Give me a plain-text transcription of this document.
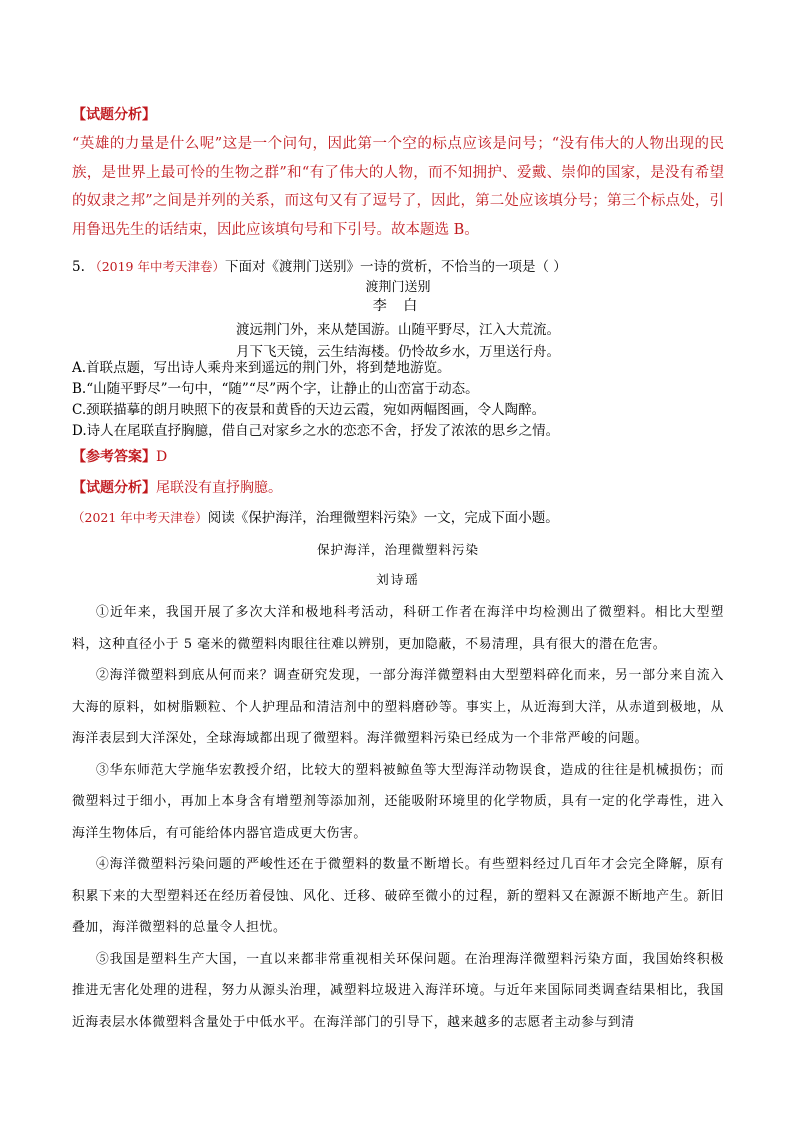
【试题分析】
“英雄的力量是什么呢”这是一个问句，因此第一个空的标点应该是问号；“没有伟大的人物出现的民族，是世界上最可怜的生物之群”和“有了伟大的人物，而不知拥护、爱戴、崇仰的国家，是没有希望的奴隶之邦”之间是并列的关系，而这句又有了逗号了，因此，第二处应该填分号；第三个标点处，引用鲁迅先生的话结束，因此应该填句号和下引号。故本题选 B。
5. （2019 年中考天津卷）下面对《渡荆门送别》一诗的赏析，不恰当的一项是（ ）
渡荆门送别
李 白
渡远荆门外，来从楚国游。山随平野尽，江入大荒流。
月下飞天镜，云生结海楼。仍怜故乡水，万里送行舟。
A.首联点题，写出诗人乘舟来到遥远的荆门外，将到楚地游览。
B.“山随平野尽”一句中，“随”“尽”两个字，让静止的山峦富于动态。
C.颈联描摹的朗月映照下的夜景和黄昏的天边云霞，宛如两幅图画，令人陶醉。
D.诗人在尾联直抒胸臆，借自己对家乡之水的恋恋不舍，抒发了浓浓的思乡之情。
【参考答案】D
【试题分析】尾联没有直抒胸臆。
（2021 年中考天津卷）阅读《保护海洋，治理微塑料污染》一文，完成下面小题。
保护海洋，治理微塑料污染
刘诗瑶
①近年来，我国开展了多次大洋和极地科考活动，科研工作者在海洋中均检测出了微塑料。相比大型塑料，这种直径小于 5 毫米的微塑料肉眼往往难以辨别，更加隐蔽，不易清理，具有很大的潜在危害。
②海洋微塑料到底从何而来？调查研究发现，一部分海洋微塑料由大型塑料碎化而来，另一部分来自流入大海的原料，如树脂颗粒、个人护理品和清洁剂中的塑料磨砂等。事实上，从近海到大洋，从赤道到极地，从海洋表层到大洋深处，全球海域都出现了微塑料。海洋微塑料污染已经成为一个非常严峻的问题。
③华东师范大学施华宏教授介绍，比较大的塑料被鲸鱼等大型海洋动物误食，造成的往往是机械损伤；而微塑料过于细小，再加上本身含有增塑剂等添加剂，还能吸附环境里的化学物质，具有一定的化学毒性，进入海洋生物体后，有可能给体内器官造成更大伤害。
④海洋微塑料污染问题的严峻性还在于微塑料的数量不断增长。有些塑料经过几百年才会完全降解，原有积累下来的大型塑料还在经历着侵蚀、风化、迁移、破碎至微小的过程，新的塑料又在源源不断地产生。新旧叠加，海洋微塑料的总量令人担忧。
⑤我国是塑料生产大国，一直以来都非常重视相关环保问题。在治理海洋微塑料污染方面，我国始终积极推进无害化处理的进程，努力从源头治理，减塑料垃圾进入海洋环境。与近年来国际同类调查结果相比，我国近海表层水体微塑料含量处于中低水平。在海洋部门的引导下，越来越多的志愿者主动参与到清
